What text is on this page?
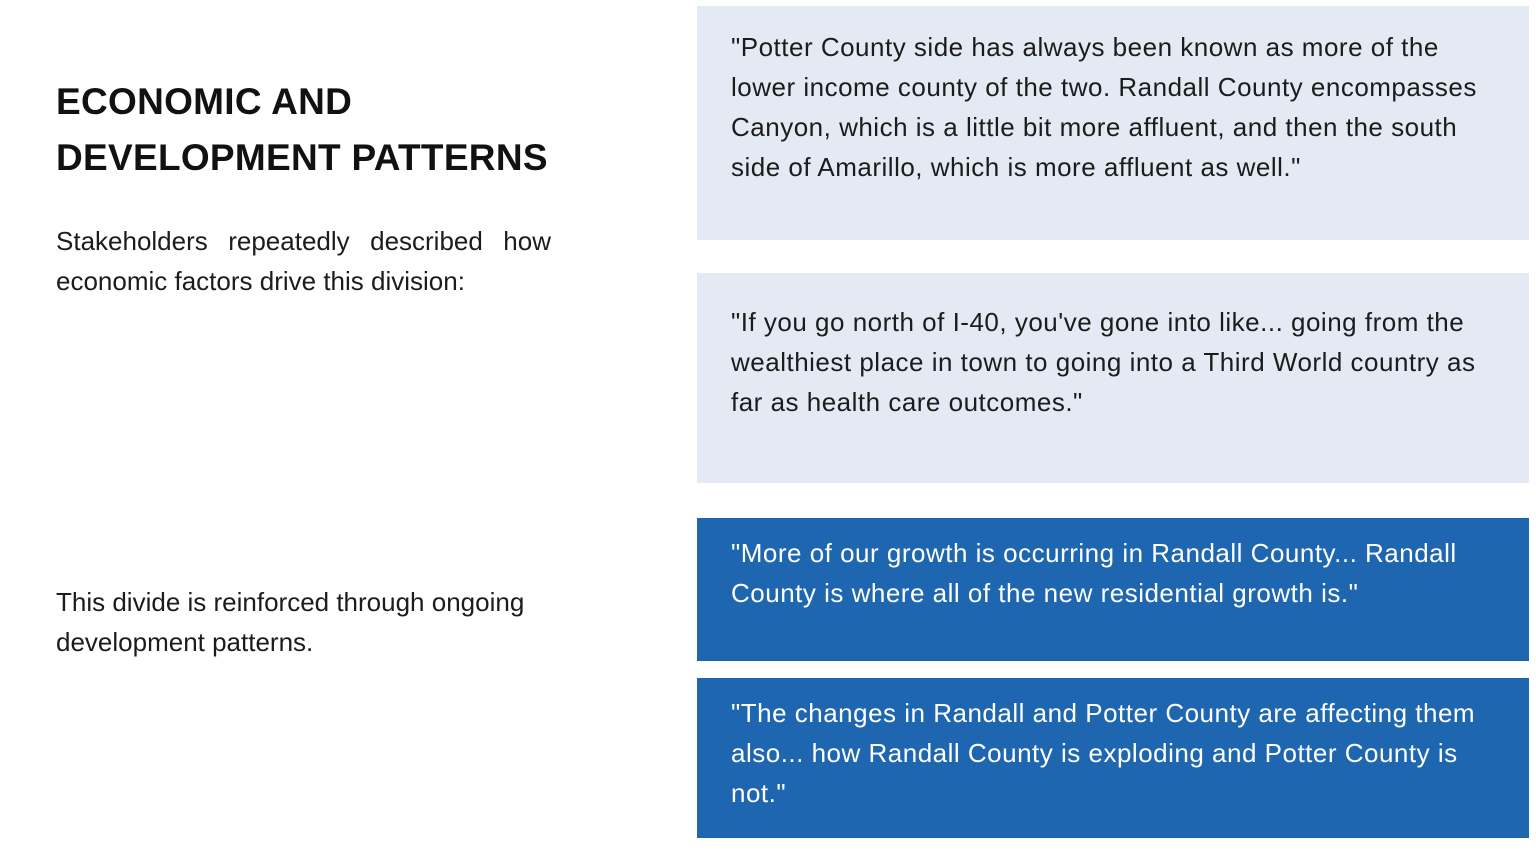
ECONOMIC AND DEVELOPMENT PATTERNS

Stakeholders repeatedly described how economic factors drive this division:

This divide is reinforced through ongoing development patterns.

"Potter County side has always been known as more of the lower income county of the two. Randall County encompasses Canyon, which is a little bit more affluent, and then the south side of Amarillo, which is more affluent as well."

"If you go north of I-40, you've gone into like... going from the wealthiest place in town to going into a Third World country as far as health care outcomes."

"More of our growth is occurring in Randall County... Randall County is where all of the new residential growth is."

"The changes in Randall and Potter County are affecting them also... how Randall County is exploding and Potter County is not."
